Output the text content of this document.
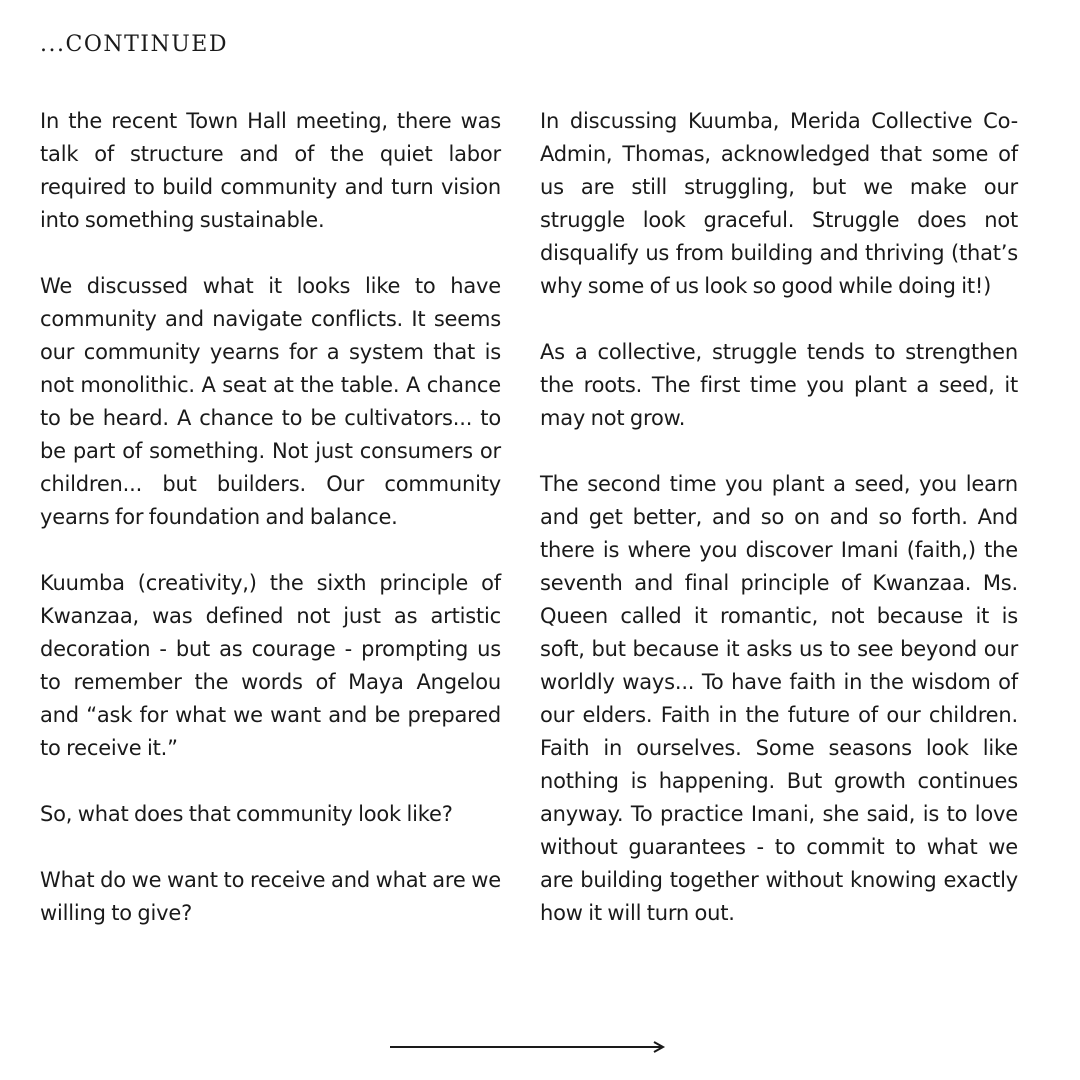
...CONTINUED

In the recent Town Hall meeting, there was talk of structure and of the quiet labor required to build community and turn vision into something sustainable.

We discussed what it looks like to have community and navigate conflicts. It seems our community yearns for a system that is not monolithic. A seat at the table. A chance to be heard. A chance to be cultivators... to be part of something. Not just consumers or children... but builders. Our community yearns for foundation and balance.

Kuumba (creativity,) the sixth principle of Kwanzaa, was defined not just as artistic decoration - but as courage - prompting us to remember the words of Maya Angelou and “ask for what we want and be prepared to receive it.”

So, what does that community look like?

What do we want to receive and what are we willing to give?

In discussing Kuumba, Merida Collective Co-Admin, Thomas, acknowledged that some of us are still struggling, but we make our struggle look graceful. Struggle does not disqualify us from building and thriving (that’s why some of us look so good while doing it!)

As a collective, struggle tends to strengthen the roots. The first time you plant a seed, it may not grow.

The second time you plant a seed, you learn and get better, and so on and so forth. And there is where you discover Imani (faith,) the seventh and final principle of Kwanzaa. Ms. Queen called it romantic, not because it is soft, but because it asks us to see beyond our worldly ways... To have faith in the wisdom of our elders. Faith in the future of our children. Faith in ourselves. Some seasons look like nothing is happening. But growth continues anyway. To practice Imani, she said, is to love without guarantees - to commit to what we are building together without knowing exactly how it will turn out.
